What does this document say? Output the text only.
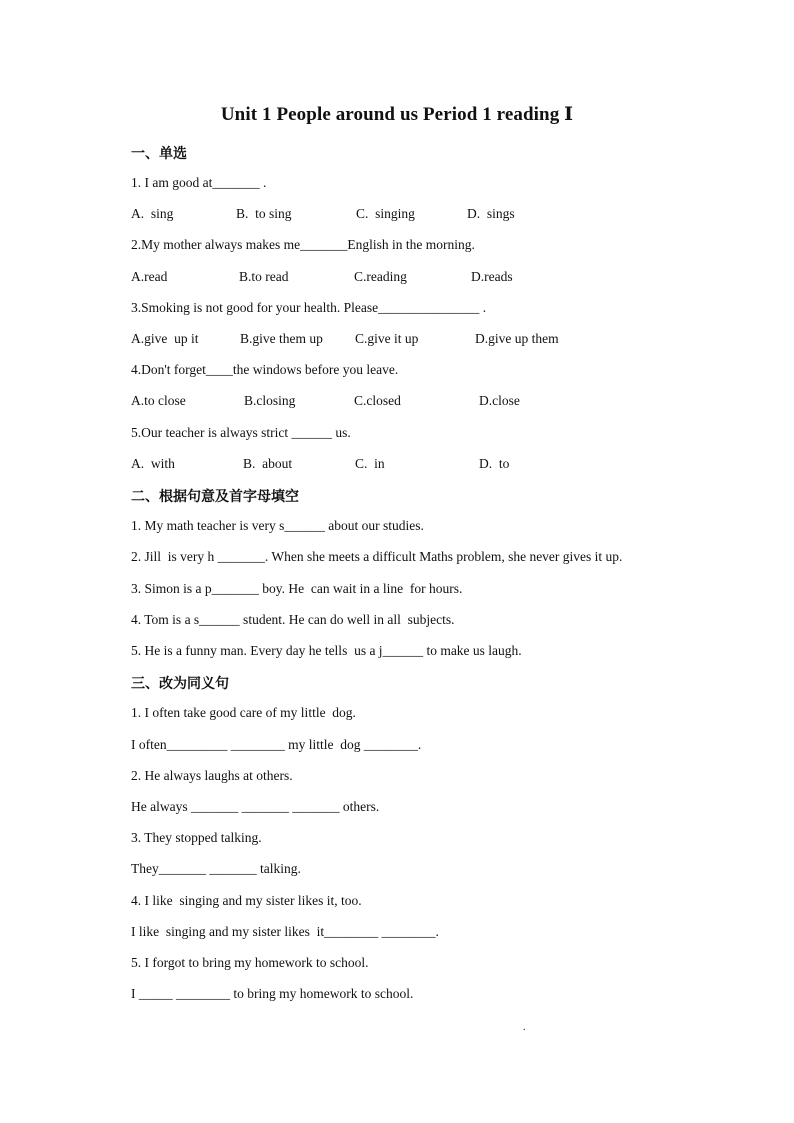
Unit 1 People around us Period 1 reading Ⅰ
一、单选
1. I am good at_______ .
A.  sing	B.  to sing	C.  singing	D.  sings
2.My mother always makes me_______English in the morning.
A.read	B.to read	C.reading	D.reads
3.Smoking is not good for your health. Please_______________ .
A.give  up it	B.give them up C.give it up	D.give up them
4.Don't forget____the windows before you leave.
A.to close	B.closing	C.closed	D.close
5.Our teacher is always strict ______ us.
A.  with	B.  about	C.  in	D.  to
二、根据句意及首字母填空
1. My math teacher is very s______ about our studies.
2. Jill  is very h _______. When she meets a difficult Maths problem, she never gives it up.
3. Simon is a p_______ boy. He  can wait in a line  for hours.
4. Tom is a s______ student. He can do well in all  subjects.
5. He is a funny man. Every day he tells  us a j______ to make us laugh.
三、改为同义句
1. I often take good care of my little  dog.
I often_________ ________ my little  dog ________.
2. He always laughs at others.
He always _______ _______ _______ others.
3. They stopped talking.
They_______ _______ talking.
4. I like  singing and my sister likes it, too.
I like  singing and my sister likes  it________ ________.
5. I forgot to bring my homework to school.
I _____ ________ to bring my homework to school.
.
